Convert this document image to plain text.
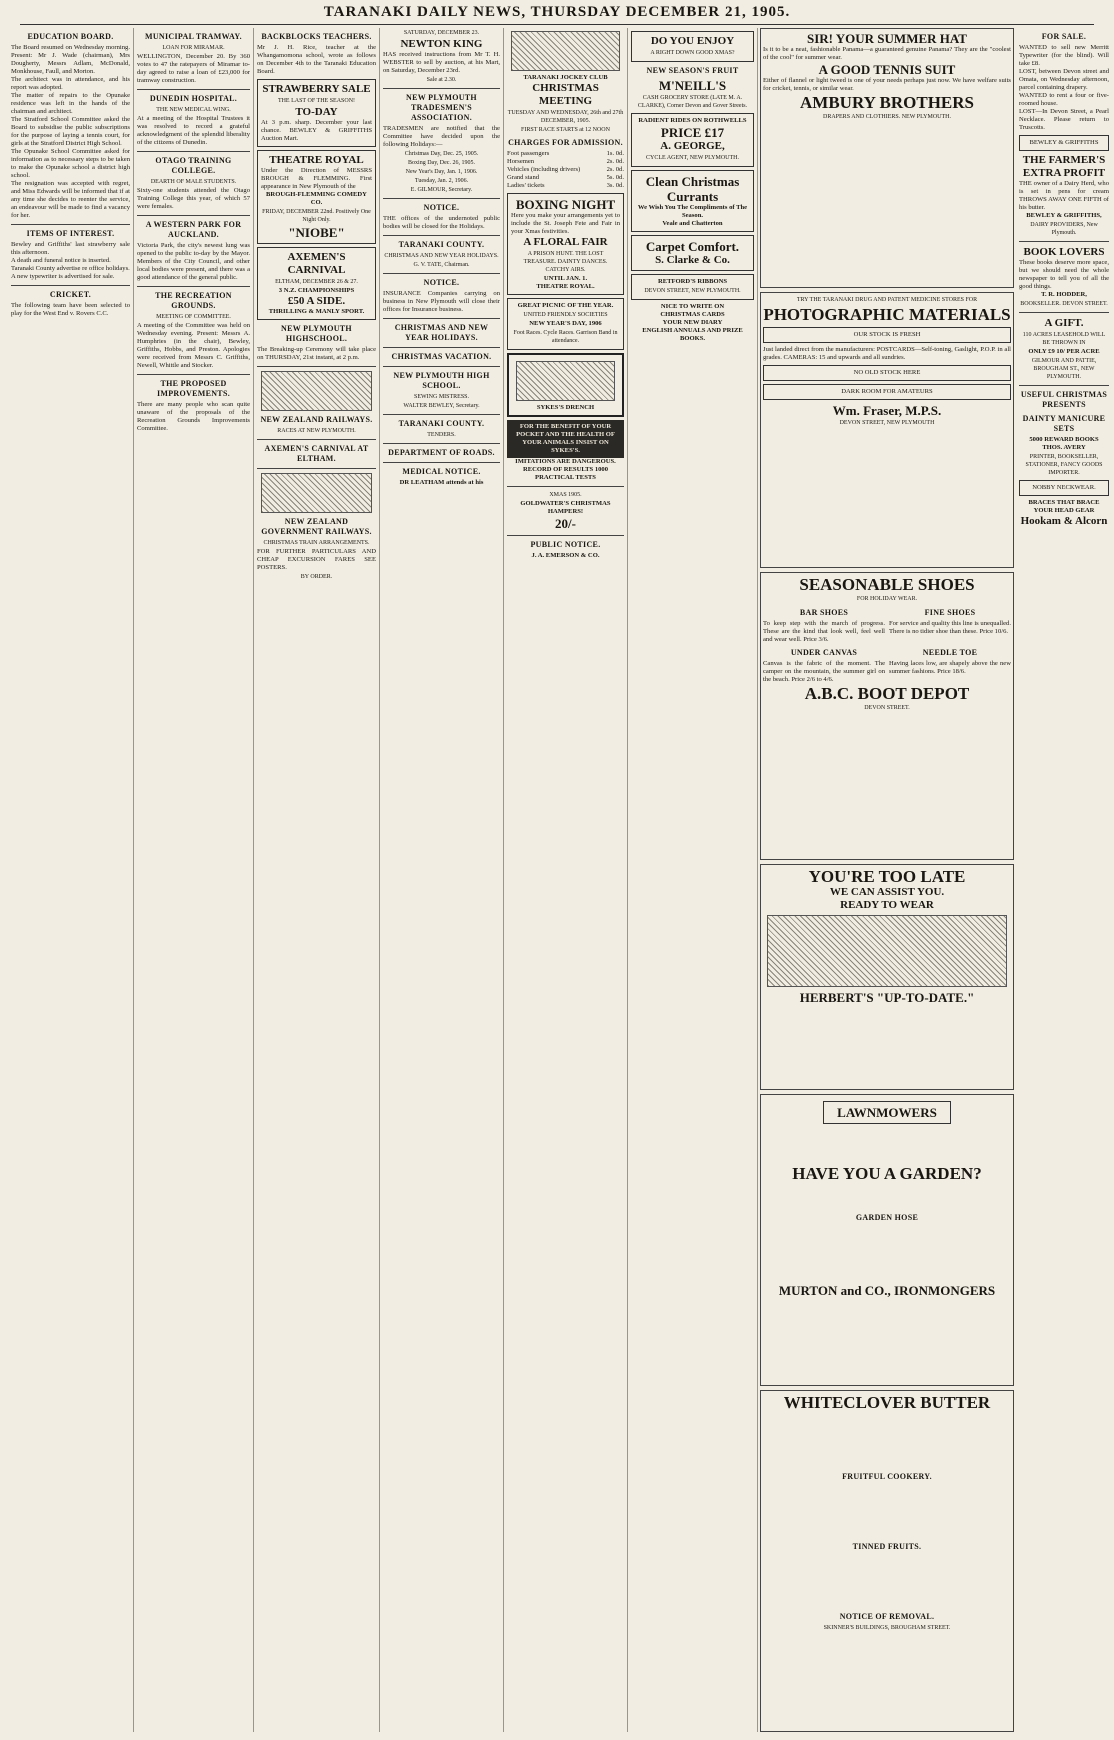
TARANAKI DAILY NEWS, THURSDAY DECEMBER 21, 1905.
EDUCATION BOARD.
The Board resumed on Wednesday morning. Present: Mr J. Wade (chairman), Mrs Dougherty, Messrs Adlam, McDonald, Monkhouse, Faull, and Morton.
The architect was in attendance, and his report was adopted.
The matter of repairs to the Opunake residence was left in the hands of the chairman and architect.
The Stratford School Committee asked the Board to subsidise the public subscriptions for the purpose of laying a tennis court, for girls at the Stratford District High School.
The Opunake School Committee asked for information as to necessary steps to be taken to make the Opunake school a district high school.
The resignation was accepted with regret, and Miss Edwards will be informed that if at any time she decides to reenter the service, an endeavour will be made to find a vacancy for her.
ITEMS OF INTEREST.
Bewley and Griffiths' last strawberry sale this afternoon.
A death and funeral notice is inserted.
Taranaki County advertise re office holidays.
A new typewriter is advertised for sale.
CRICKET.
The following team have been selected to play for the West End v. Rovers C.C.
MUNICIPAL TRAMWAY.
LOAN FOR MIRAMAR.
WELLINGTON, December 20. By 360 votes to 47 the ratepayers of Miramar to-day agreed to raise a loan of £23,000 for tramway construction.
DUNEDIN HOSPITAL.
THE NEW MEDICAL WING.
At a meeting of the Hospital Trustees it was resolved to record a grateful acknowledgment of the splendid liberality of the citizens of Dunedin.
OTAGO TRAINING COLLEGE.
DEARTH OF MALE STUDENTS.
Sixty-one students attended the Otago Training College this year, of which 57 were females.
A WESTERN PARK FOR AUCKLAND.
Victoria Park, the city's newest lung was opened to the public to-day by the Mayor. Members of the City Council, and other local bodies were present, and there was a good attendance of the general public.
THE RECREATION GROUNDS.
MEETING OF COMMITTEE.
A meeting of the Committee was held on Wednesday evening. Present: Messrs A. Humphries (in the chair), Bewley, Griffiths, Hobbs, and Preston. Apologies were received from Messrs C. Griffiths, Newell, Whittle and Stocker.
THE PROPOSED IMPROVEMENTS.
There are many people who scan quite unaware of the proposals of the Recreation Grounds Improvements Committee.
BACKBLOCKS TEACHERS.
Mr J. H. Rice, teacher at the Whangamomona school, wrote as follows on December 4th to the Taranaki Education Board.
STRAWBERRY SALE
THE LAST OF THE SEASON!
TO-DAY
At 3 p.m. sharp. December your last chance. BEWLEY & GRIFFITHS Auction Mart.
THEATRE ROYAL
Under the Direction of MESSRS BROUGH & FLEMMING. First appearance in New Plymouth of the
BROUGH-FLEMMING COMEDY CO.
FRIDAY, DECEMBER 22nd. Positively One Night Only.
"NIOBE"
AXEMEN'S CARNIVAL
ELTHAM, DECEMBER 26 & 27.
3 N.Z. CHAMPIONSHIPS
£50 A SIDE.
THRILLING & MANLY SPORT.
NEW PLYMOUTH HIGHSCHOOL.
The Breaking-up Ceremony will take place on THURSDAY, 21st instant, at 2 p.m.
NEW ZEALAND RAILWAYS.
RACES AT NEW PLYMOUTH.
AXEMEN'S CARNIVAL AT ELTHAM.
NEW ZEALAND GOVERNMENT RAILWAYS.
CHRISTMAS TRAIN ARRANGEMENTS.
FOR FURTHER PARTICULARS AND CHEAP EXCURSION FARES SEE POSTERS.
BY ORDER.
SATURDAY, DECEMBER 23.
NEWTON KING
HAS received instructions from Mr T. H. WEBSTER to sell by auction, at his Mart, on Saturday, December 23rd.
Sale at 2.30.
NEW PLYMOUTH TRADESMEN'S ASSOCIATION.
TRADESMEN are notified that the Committee have decided upon the following Holidays:—
Christmas Day, Dec. 25, 1905.
Boxing Day, Dec. 26, 1905.
New Year's Day, Jan. 1, 1906.
Tuesday, Jan. 2, 1906.
E. GILMOUR, Secretary.
NOTICE.
THE offices of the undernoted public bodies will be closed for the Holidays.
TARANAKI COUNTY.
CHRISTMAS AND NEW YEAR HOLIDAYS.
G. V. TATE, Chairman.
NOTICE.
INSURANCE Companies carrying on business in New Plymouth will close their offices for Insurance business.
CHRISTMAS AND NEW YEAR HOLIDAYS.
CHRISTMAS VACATION.
NEW PLYMOUTH HIGH SCHOOL.
SEWING MISTRESS.
WALTER BEWLEY, Secretary.
TARANAKI COUNTY.
TENDERS.
DEPARTMENT OF ROADS.
MEDICAL NOTICE.
DR LEATHAM attends at his
TARANAKI JOCKEY CLUB
CHRISTMAS MEETING
TUESDAY AND WEDNESDAY, 26th and 27th DECEMBER, 1905.
FIRST RACE STARTS at 12 NOON
CHARGES FOR ADMISSION.
Foot passengers	1s. 0d.
Horsemen	2s. 0d.
Vehicles (including drivers)	2s. 0d.
Grand stand	5s. 0d.
Ladies' tickets	3s. 0d.
BOXING NIGHT
Here you make your arrangements yet to include the St. Joseph Fete and Fair in your Xmas festivities.
A FLORAL FAIR
A PRISON HUNT. THE LOST TREASURE. DAINTY DANCES. CATCHY AIRS.
UNTIL JAN. 1.
THEATRE ROYAL.
GREAT PICNIC OF THE YEAR.
UNITED FRIENDLY SOCIETIES
NEW YEAR'S DAY, 1906
Foot Races. Cycle Races. Garrison Band in attendance.
SYKES'S DRENCH
FOR THE BENEFIT OF YOUR POCKET AND THE HEALTH OF YOUR ANIMALS INSIST ON SYKES'S.
IMITATIONS ARE DANGEROUS.
RECORD OF RESULTS 1000 PRACTICAL TESTS
XMAS 1905.
GOLDWATER'S CHRISTMAS HAMPERS!
20/-
PUBLIC NOTICE.
J. A. EMERSON & CO.
DO YOU ENJOY
A RIGHT DOWN GOOD XMAS?
NEW SEASON'S FRUIT
M'NEILL'S
CASH GROCERY STORE (LATE M. A. CLARKE), Corner Devon and Gover Streets.
RADIENT RIDES ON ROTHWELLS
PRICE £17
A. GEORGE,
CYCLE AGENT, NEW PLYMOUTH.
Clean Christmas Currants
We Wish You The Compliments of The Season.
Veale and Chatterton
Carpet Comfort.
S. Clarke & Co.
RETFORD'S RIBBONS
DEVON STREET, NEW PLYMOUTH.
NICE TO WRITE ON
CHRISTMAS CARDS
YOUR NEW DIARY
ENGLISH ANNUALS AND PRIZE BOOKS.
SIR! YOUR SUMMER HAT
Is it to be a neat, fashionable Panama—a guaranteed genuine Panama? They are the "coolest of the cool" for summer wear.
A GOOD TENNIS SUIT
Either of flannel or light tweed is one of your needs perhaps just now. We have welfare suits for cricket, tennis, or similar wear.
AMBURY BROTHERS
DRAPERS AND CLOTHIERS. NEW PLYMOUTH.
TRY THE TARANAKI DRUG AND PATENT MEDICINE STORES FOR
PHOTOGRAPHIC MATERIALS
OUR STOCK IS FRESH
Just landed direct from the manufacturers: POSTCARDS—Self-toning, Gaslight, P.O.P. in all grades. CAMERAS: 15 and upwards and all sundries.
NO OLD STOCK HERE
DARK ROOM FOR AMATEURS
Wm. Fraser, M.P.S.
DEVON STREET, NEW PLYMOUTH
SEASONABLE SHOES
FOR HOLIDAY WEAR.
BAR SHOES
To keep step with the march of progress. These are the kind that look well, feel well and wear well. Price 3/6.
FINE SHOES
For service and quality this line is unequalled. There is no tidier shoe than these. Price 10/6.
UNDER CANVAS
Canvas is the fabric of the moment. The camper on the mountain, the summer girl on the beach. Price 2/6 to 4/6.
NEEDLE TOE
Having laces low, are shapely above the new summer fashions. Price 18/6.
A.B.C. BOOT DEPOT
DEVON STREET.
YOU'RE TOO LATE
WE CAN ASSIST YOU.
READY TO WEAR
HERBERT'S "UP-TO-DATE."
LAWNMOWERS
HAVE YOU A GARDEN?
GARDEN HOSE
MURTON and CO., IRONMONGERS
WHITECLOVER BUTTER
FRUITFUL COOKERY.
TINNED FRUITS.
NOTICE OF REMOVAL.
SKINNER'S BUILDINGS, BROUGHAM STREET.
FOR SALE.
WANTED to sell new Merritt Typewriter (for the blind). Will take £8.
LOST, between Devon street and Omata, on Wednesday afternoon, parcel containing drapery.
WANTED to rent a four or five-roomed house.
LOST—In Devon Street, a Pearl Necklace. Please return to Truscotts.
BEWLEY & GRIFFITHS
THE FARMER'S EXTRA PROFIT
THE owner of a Dairy Herd, who is set in pens for cream THROWS AWAY ONE FIFTH of his butter.
BEWLEY & GRIFFITHS,
DAIRY PROVIDERS, New Plymouth.
BOOK LOVERS
These books deserve more space, but we should need the whole newspaper to tell you of all the good things.
T. R. HODDER,
BOOKSELLER. DEVON STREET.
A GIFT.
110 ACRES LEASEHOLD WILL BE THROWN IN
ONLY £9 10/ PER ACRE
GILMOUR AND PATTIE, BROUGHAM ST., NEW PLYMOUTH.
USEFUL CHRISTMAS PRESENTS
DAINTY MANICURE SETS
5000 REWARD BOOKS
THOS. AVERY
PRINTER, BOOKSELLER, STATIONER, FANCY GOODS IMPORTER.
NOBBY NECKWEAR.
BRACES THAT BRACE
YOUR HEAD GEAR
Hookam & Alcorn
